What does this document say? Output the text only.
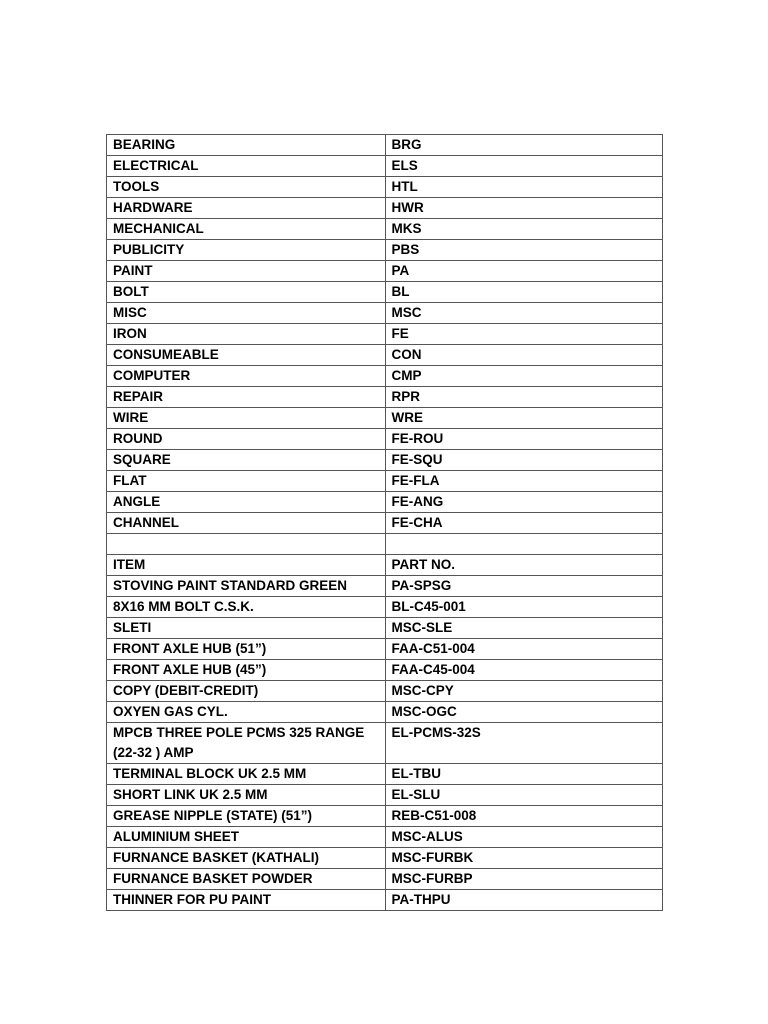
BEARING	BRG
ELECTRICAL	ELS
TOOLS	HTL
HARDWARE	HWR
MECHANICAL	MKS
PUBLICITY	PBS
PAINT	PA
BOLT	BL
MISC	MSC
IRON	FE
CONSUMEABLE	CON
COMPUTER	CMP
REPAIR	RPR
WIRE	WRE
ROUND	FE-ROU
SQUARE	FE-SQU
FLAT	FE-FLA
ANGLE	FE-ANG
CHANNEL	FE-CHA

ITEM	PART NO.
STOVING PAINT STANDARD GREEN	PA-SPSG
8X16 MM BOLT C.S.K.	BL-C45-001
SLETI	MSC-SLE
FRONT AXLE HUB (51”)	FAA-C51-004
FRONT AXLE HUB (45”)	FAA-C45-004
COPY (DEBIT-CREDIT)	MSC-CPY
OXYEN GAS CYL.	MSC-OGC
MPCB THREE POLE PCMS 325 RANGE (22-32 ) AMP	EL-PCMS-32S
TERMINAL BLOCK UK 2.5 MM	EL-TBU
SHORT LINK UK 2.5 MM	EL-SLU
GREASE NIPPLE (STATE) (51”)	REB-C51-008
ALUMINIUM SHEET	MSC-ALUS
FURNANCE BASKET (KATHALI)	MSC-FURBK
FURNANCE BASKET POWDER	MSC-FURBP
THINNER FOR PU PAINT	PA-THPU
